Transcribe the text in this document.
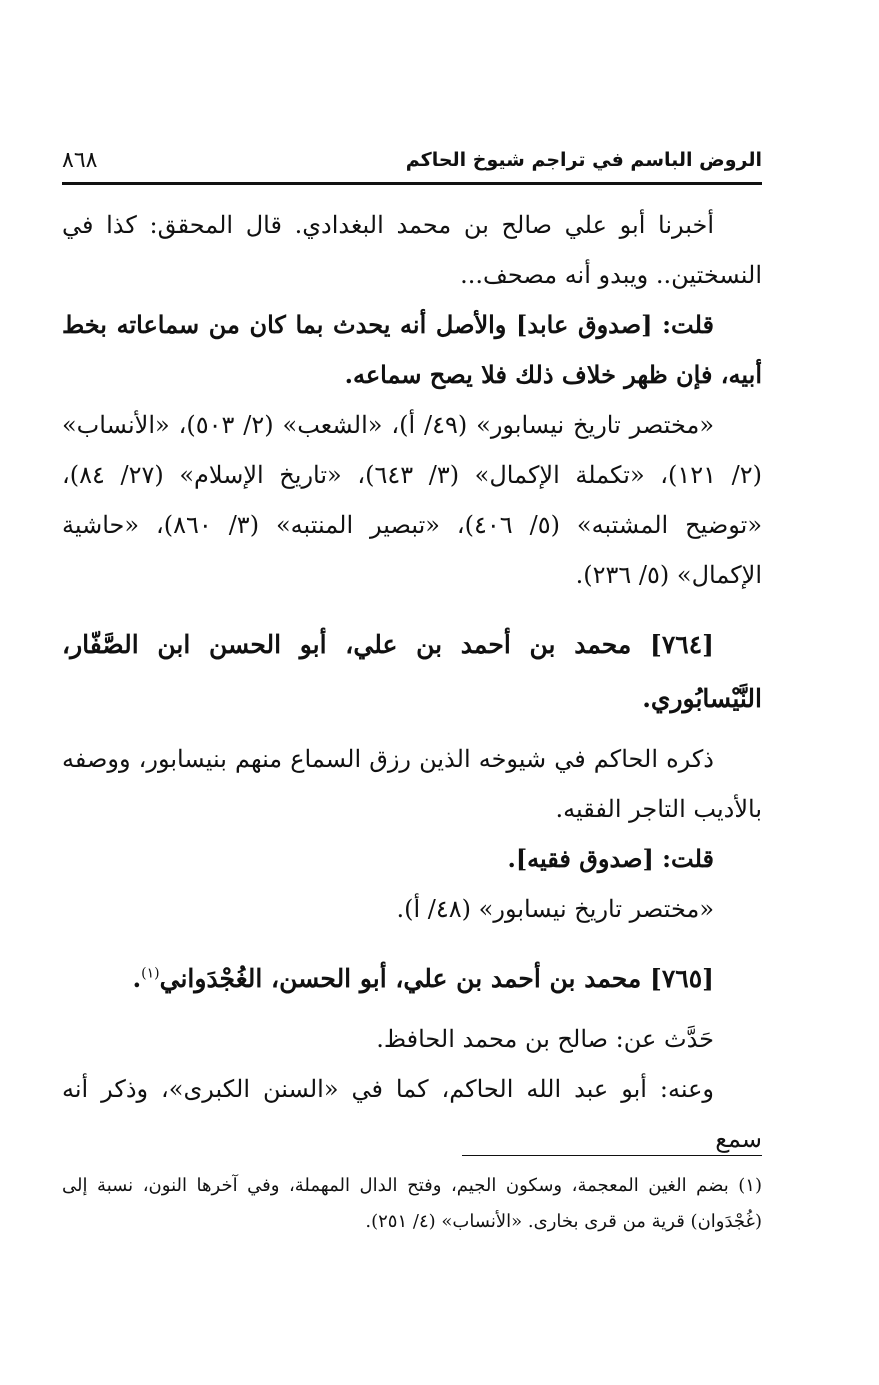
الروض الباسم في تراجم شيوخ الحاكم
٨٦٨

أخبرنا أبو علي صالح بن محمد البغدادي. قال المحقق: كذا في النسختين.. ويبدو أنه مصحف...

قلت: [صدوق عابد] والأصل أنه يحدث بما كان من سماعاته بخط أبيه، فإن ظهر خلاف ذلك فلا يصح سماعه.

«مختصر تاريخ نيسابور» (٤٩/ أ)، «الشعب» (٢/ ٥٠٣)، «الأنساب» (٢/ ١٢١)، «تكملة الإكمال» (٣/ ٦٤٣)، «تاريخ الإسلام» (٢٧/ ٨٤)، «توضيح المشتبه» (٥/ ٤٠٦)، «تبصير المنتبه» (٣/ ٨٦٠)، «حاشية الإكمال» (٥/ ٢٣٦).

[٧٦٤] محمد بن أحمد بن علي، أبو الحسن ابن الصَّفّار، النَّيْسابُوري.

ذكره الحاكم في شيوخه الذين رزق السماع منهم بنيسابور، ووصفه بالأديب التاجر الفقيه.

قلت: [صدوق فقيه].

«مختصر تاريخ نيسابور» (٤٨/ أ).

[٧٦٥] محمد بن أحمد بن علي، أبو الحسن، الغُجْدَواني$^{(١)}$.

حَدَّث عن: صالح بن محمد الحافظ.

وعنه: أبو عبد الله الحاكم، كما في «السنن الكبرى»، وذكر أنه سمع

(١) بضم الغين المعجمة، وسكون الجيم، وفتح الدال المهملة، وفي آخرها النون، نسبة إلى (غُجْدَوان) قرية من قرى بخارى. «الأنساب» (٤/ ٢٥١).
